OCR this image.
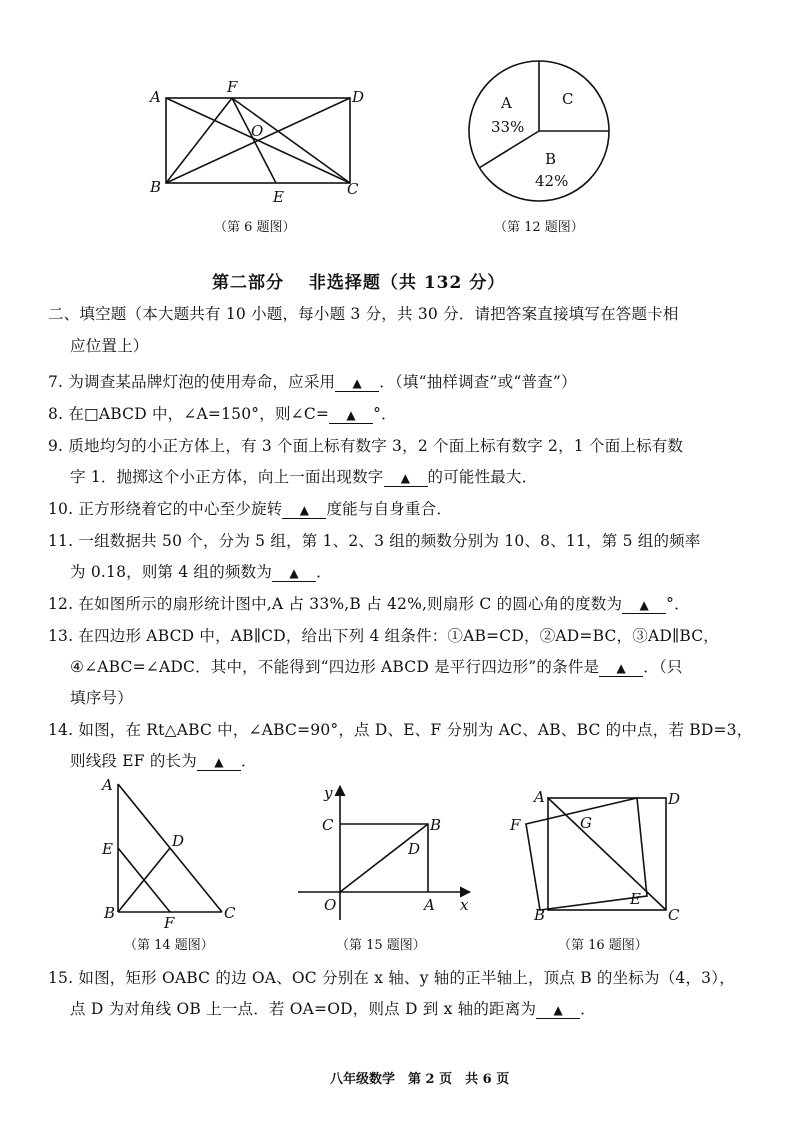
A
F
D
O
B
E	C
（第 6 题图）
A
33%
B
42%
C
（第 12 题图）
第二部分　 非选择题（共 132 分）
二、填空题（本大题共有 10 小题，每小题 3 分，共 30 分．请把答案直接填写在答题卡相
应位置上）
7. 为调查某品牌灯泡的使用寿命，应采用 ▲ ．（填“抽样调查”或“普查”）
8. 在□ABCD 中，∠A=150°，则∠C= ▲ °．
9. 质地均匀的小正方体上，有 3 个面上标有数字 3，2 个面上标有数字 2，1 个面上标有数
字 1．抛掷这个小正方体，向上一面出现数字 ▲ 的可能性最大．
10. 正方形绕着它的中心至少旋转 ▲ 度能与自身重合．
11. 一组数据共 50 个，分为 5 组，第 1、2、3 组的频数分别为 10、8、11，第 5 组的频率
为 0.18，则第 4 组的频数为 ▲ ．
12. 在如图所示的扇形统计图中,A 占 33%,B 占 42%,则扇形 C 的圆心角的度数为 ▲ °．
13. 在四边形 ABCD 中，AB∥CD，给出下列 4 组条件：①AB=CD，②AD=BC，③AD∥BC，
④∠ABC=∠ADC．其中，不能得到“四边形 ABCD 是平行四边形”的条件是 ▲ ．（只
填序号）
14. 如图，在 Rt△ABC 中，∠ABC=90°，点 D、E、F 分别为 AC、AB、BC 的中点，若 BD=3，
则线段 EF 的长为 ▲ ．
A
E	D
B
F
C
（第 14 题图）
y
C	B
D
O	A x
（第 15 题图）
A	D
F	G
E
B	C
（第 16 题图）
15. 如图，矩形 OABC 的边 OA、OC 分别在 x 轴、y 轴的正半轴上，顶点 B 的坐标为（4，3），
点 D 为对角线 OB 上一点．若 OA=OD，则点 D 到 x 轴的距离为 ▲ ．
八年级数学　第 2 页　共 6 页
